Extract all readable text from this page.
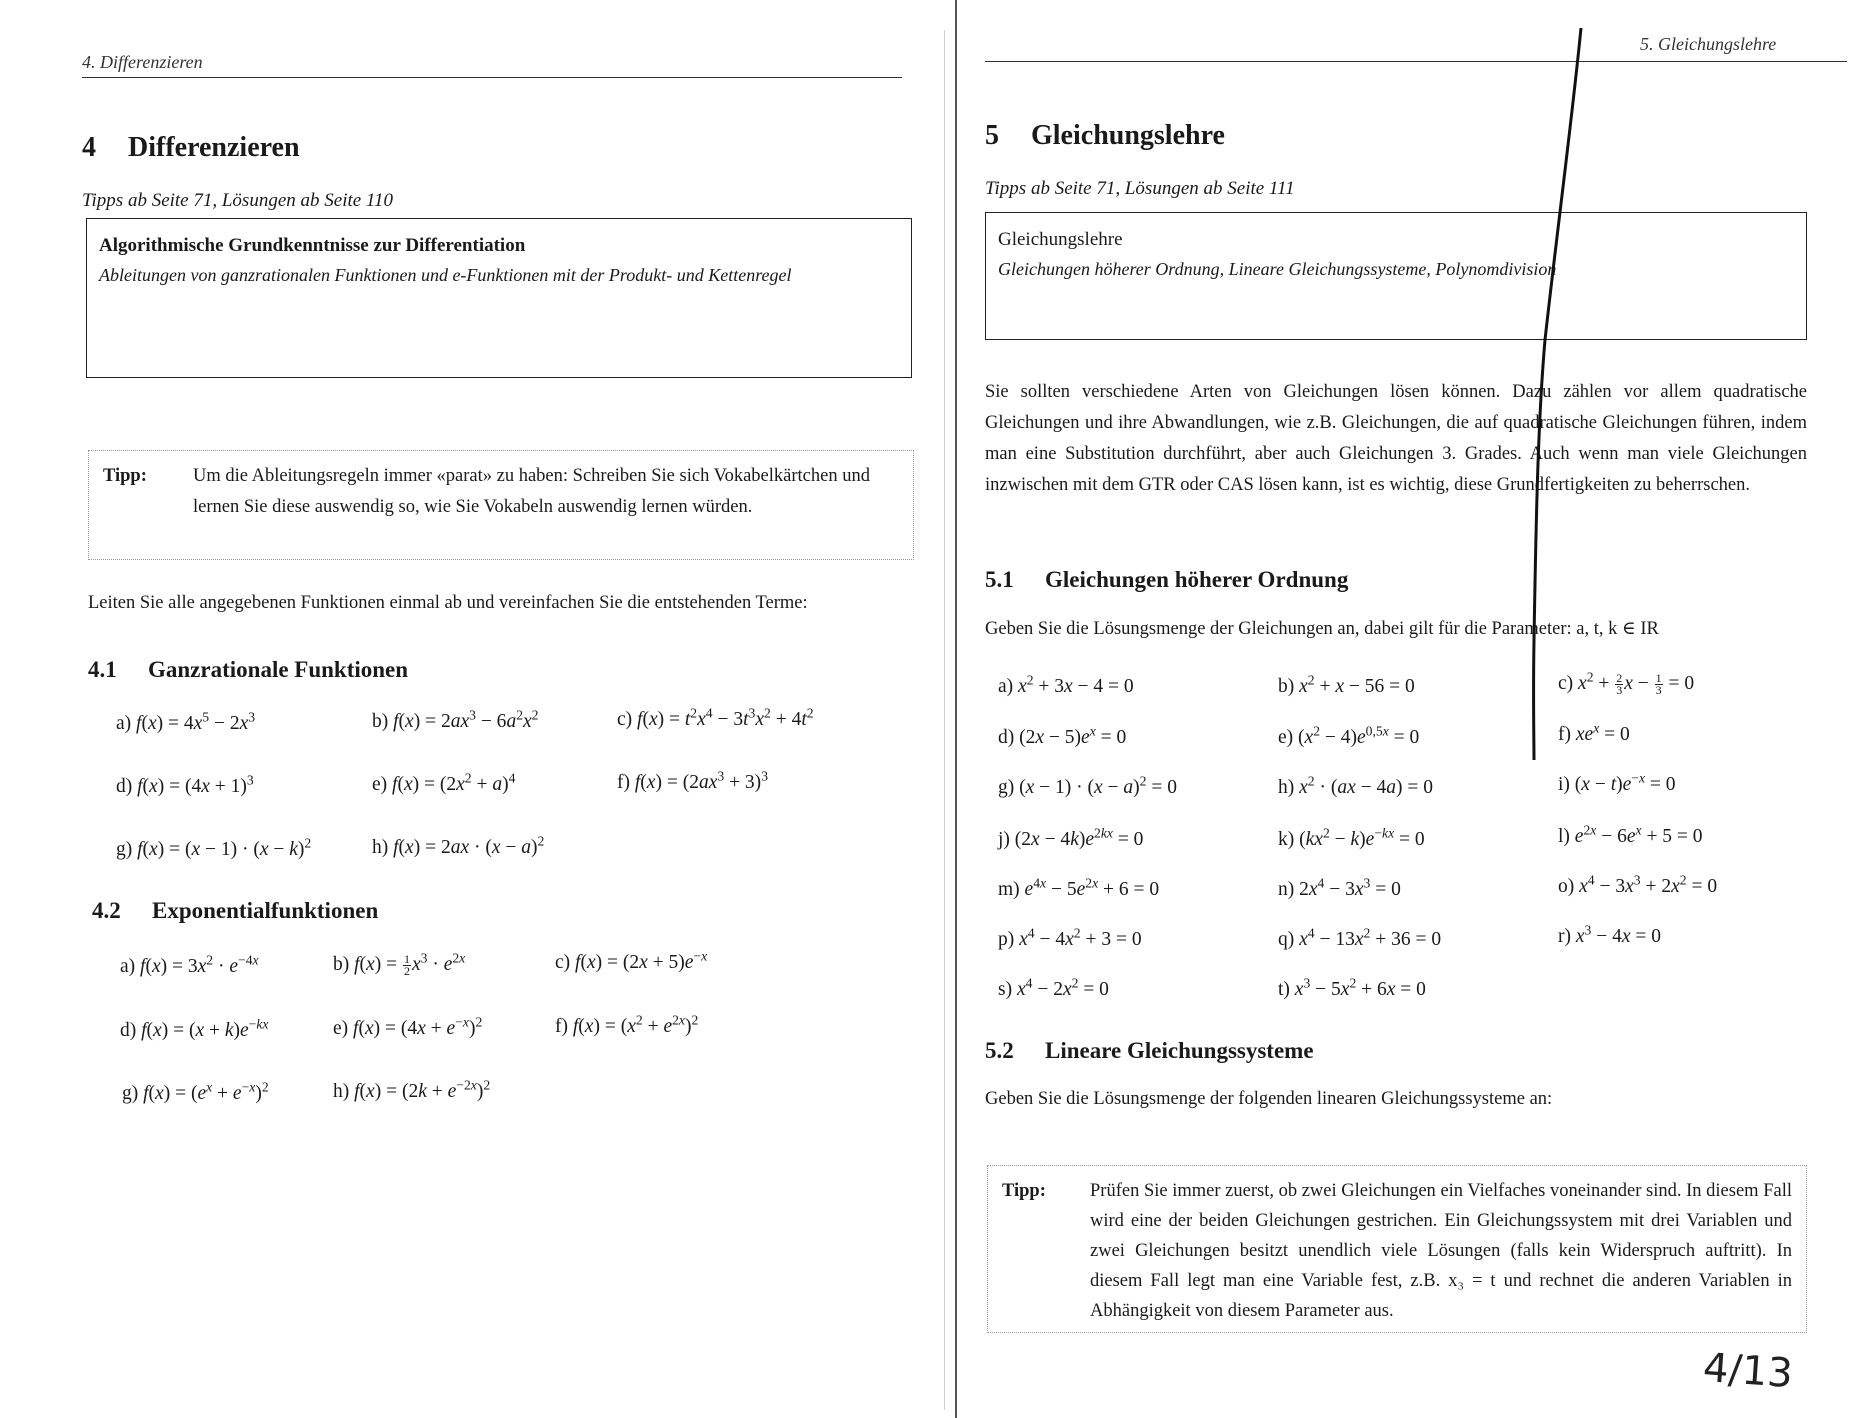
4. Differenzieren
4 Differenzieren
Tipps ab Seite 71, Lösungen ab Seite 110
Algorithmische Grundkenntnisse zur Differentiation
Ableitungen von ganzrationalen Funktionen und e-Funktionen mit der Produkt- und Kettenregel
Tipp:	Um die Ableitungsregeln immer «parat» zu haben: Schreiben Sie sich Vokabelkärtchen und lernen Sie diese auswendig so, wie Sie Vokabeln auswendig lernen würden.
Leiten Sie alle angegebenen Funktionen einmal ab und vereinfachen Sie die entstehenden Terme:
4.1 Ganzrationale Funktionen
a) $f(x) = 4x^5 - 2x^3$	b) $f(x) = 2ax^3 - 6a^2x^2$	c) $f(x) = t^2x^4 - 3t^3x^2 + 4t^2$
d) $f(x) = (4x + 1)^3$	e) $f(x) = (2x^2 + a)^4$	f) $f(x) = (2ax^3 + 3)^3$
g) $f(x) = (x - 1) \cdot (x - k)^2$	h) $f(x) = 2ax \cdot (x - a)^2$
4.2 Exponentialfunktionen
a) $f(x) = 3x^2 \cdot e^{-4x}$	b) $f(x) = \frac{1}{2} x^3 \cdot e^{2x}$	c) $f(x) = (2x + 5)e^{-x}$
d) $f(x) = (x + k)e^{-kx}$	e) $f(x) = (4x + e^{-x})^2$	f) $f(x) = (x^2 + e^{2x})^2$
g) $f(x) = (e^x + e^{-x})^2$	h) $f(x) = (2k + e^{-2x})^2$
5. Gleichungslehre
5 Gleichungslehre
Tipps ab Seite 71, Lösungen ab Seite 111
Gleichungslehre
Gleichungen höherer Ordnung, Lineare Gleichungssysteme, Polynomdivision
Sie sollten verschiedene Arten von Gleichungen lösen können. Dazu zählen vor allem quadratische Gleichungen und ihre Abwandlungen, wie z.B. Gleichungen, die auf quadratische Gleichungen führen, indem man eine Substitution durchführt, aber auch Gleichungen 3. Grades. Auch wenn man viele Gleichungen inzwischen mit dem GTR oder CAS lösen kann, ist es wichtig, diese Grundfertigkeiten zu beherrschen.
5.1 Gleichungen höherer Ordnung
Geben Sie die Lösungsmenge der Gleichungen an, dabei gilt für die Parameter: a, t, k ∈ IR
a) $x^2 + 3x - 4 = 0$	b) $x^2 + x - 56 = 0$	c) $x^2 + \frac{2}{3}$ $x - \frac{1}{3} = 0$
d) $(2x - 5)e^x = 0$	e) $(x^2 - 4)e^{0,5x} = 0$	f) $xe^x = 0$
g) $(x - 1) \cdot (x - a)^2 = 0$	h) $x^2 \cdot (ax - 4a) = 0$	i) $(x - t)e^{-x} = 0$
j) $(2x - 4k)e^{2kx} = 0$	k) $(kx^2 - k)e^{-kx} = 0$	l) $e^{2x} - 6e^x + 5 = 0$
m) $e^{4x} - 5e^{2x} + 6 = 0$	n) $2x^4 - 3x^3 = 0$	o) $x^4 - 3x^3 + 2x^2 = 0$
p) $x^4 - 4x^2 + 3 = 0$	q) $x^4 - 13x^2 + 36 = 0$	r) $x^3 - 4x = 0$
s) $x^4 - 2x^2 = 0$	t) $x^3 - 5x^2 + 6x = 0$
5.2 Lineare Gleichungssysteme
Geben Sie die Lösungsmenge der folgenden linearen Gleichungssysteme an:
Tipp:	Prüfen Sie immer zuerst, ob zwei Gleichungen ein Vielfaches voneinander sind. In diesem Fall wird eine der beiden Gleichungen gestrichen. Ein Gleichungssystem mit drei Variablen und zwei Gleichungen besitzt unendlich viele Lösungen (falls kein Widerspruch auftritt). In diesem Fall legt man eine Variable fest, z.B. x₃ = t und rechnet die anderen Variablen in Abhängigkeit von diesem Parameter aus.
4/13
